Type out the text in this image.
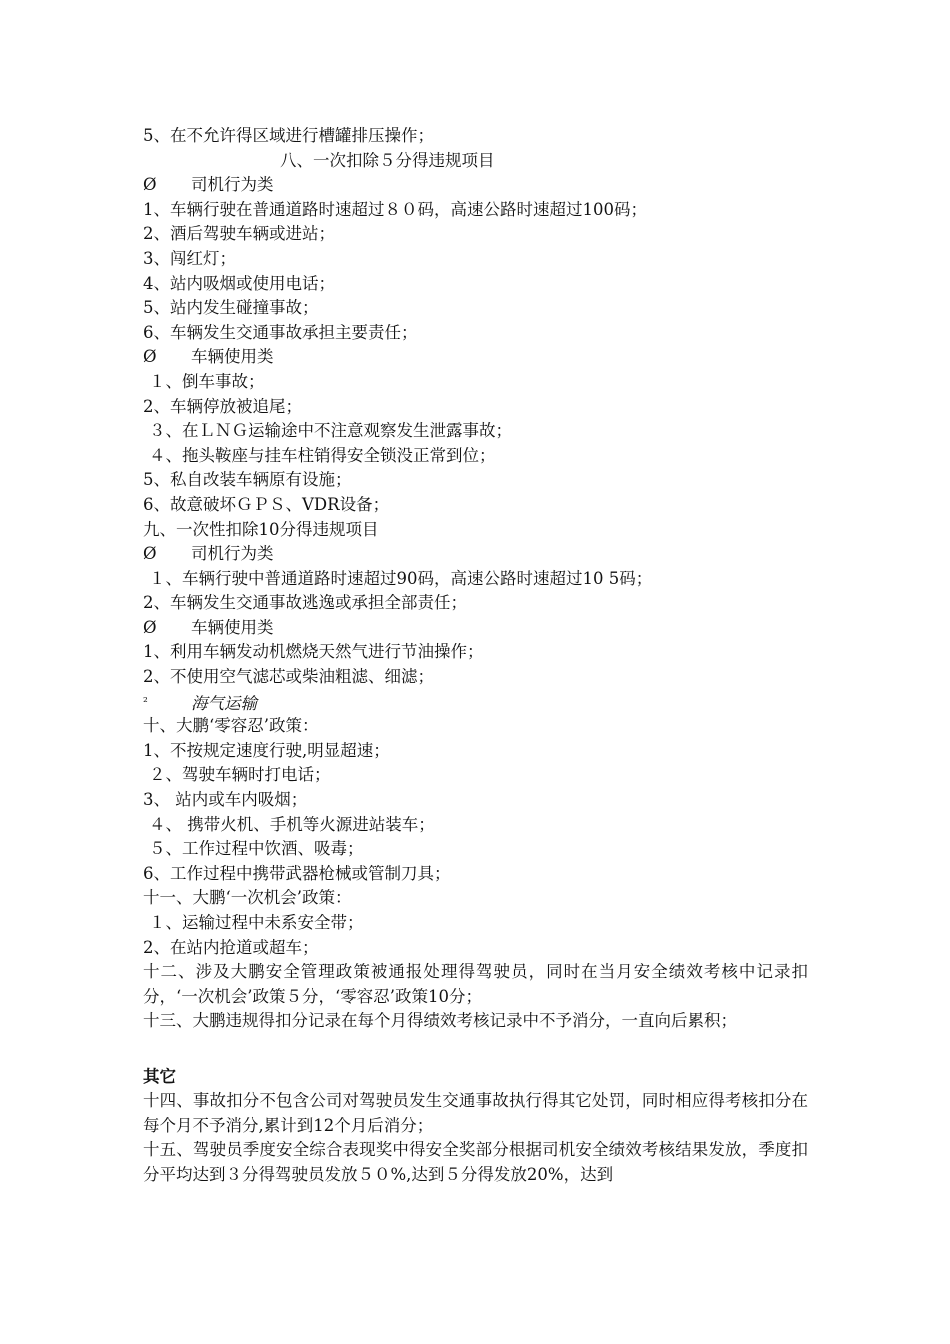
5、在不允许得区域进行槽罐排压操作；
八、一次扣除５分得违规项目
Ø 司机行为类
1、车辆行驶在普通道路时速超过８０码，高速公路时速超过100码；
2、酒后驾驶车辆或进站；
3、闯红灯；
4、站内吸烟或使用电话；
5、站内发生碰撞事故；
6、车辆发生交通事故承担主要责任；
Ø 车辆使用类
１、倒车事故；
2、车辆停放被追尾；
３、在ＬＮＧ运输途中不注意观察发生泄露事故；
４、拖头鞍座与挂车柱销得安全锁没正常到位；
5、私自改装车辆原有设施；
6、故意破坏ＧＰＳ、VDR设备；
九、一次性扣除10分得违规项目
Ø 司机行为类
１、车辆行驶中普通道路时速超过90码，高速公路时速超过10 5码；
2、车辆发生交通事故逃逸或承担全部责任；
Ø 车辆使用类
1、利用车辆发动机燃烧天然气进行节油操作；
2、不使用空气滤芯或柴油粗滤、细滤；
²	海气运输
十、大鹏‘零容忍’政策：
1、不按规定速度行驶,明显超速；
２、驾驶车辆时打电话；
3、 站内或车内吸烟；
４、 携带火机、手机等火源进站装车；
５、工作过程中饮酒、吸毒；
6、工作过程中携带武器枪械或管制刀具；
十一、大鹏‘一次机会’政策：
１、运输过程中未系安全带；
2、在站内抢道或超车；
十二、涉及大鹏安全管理政策被通报处理得驾驶员，同时在当月安全绩效考核中记录扣分，‘一次机会’政策５分，‘零容忍’政策10分；
十三、大鹏违规得扣分记录在每个月得绩效考核记录中不予消分，一直向后累积；
其它
十四、事故扣分不包含公司对驾驶员发生交通事故执行得其它处罚，同时相应得考核扣分在每个月不予消分,累计到12个月后消分；
十五、驾驶员季度安全综合表现奖中得安全奖部分根据司机安全绩效考核结果发放，季度扣分平均达到３分得驾驶员发放５０%,达到５分得发放20%，达到
